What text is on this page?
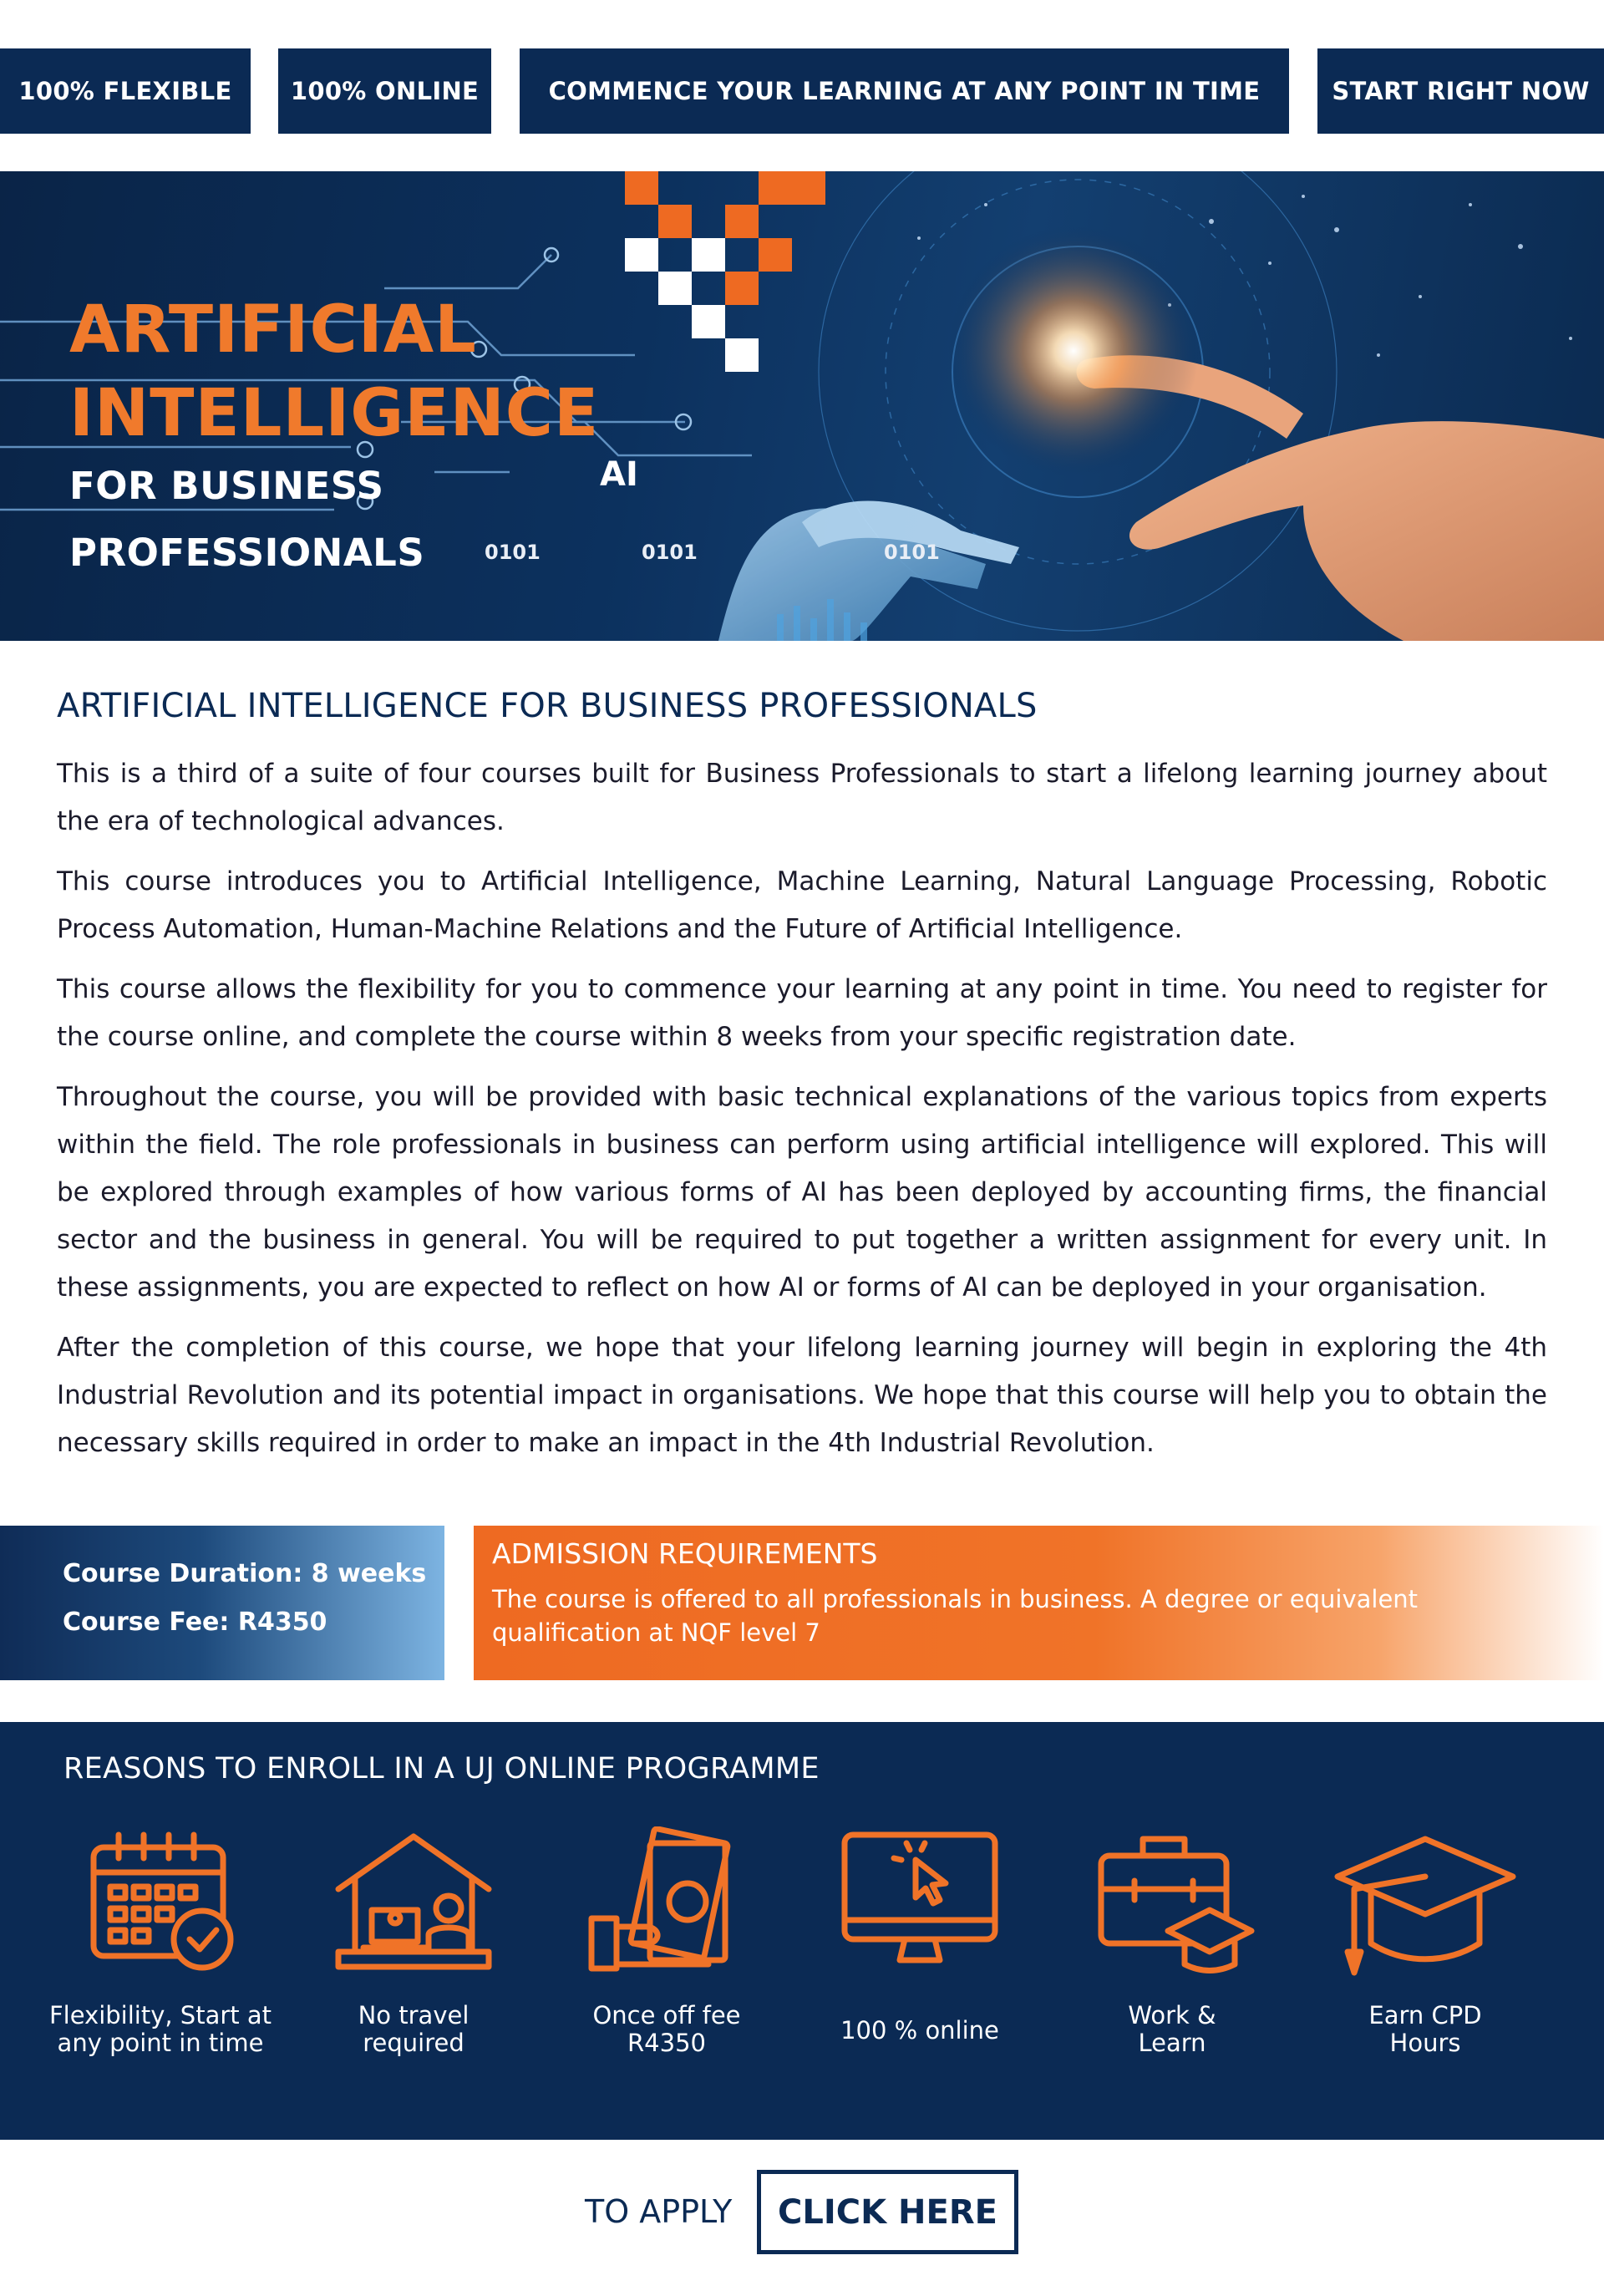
100% FLEXIBLE	100% ONLINE	COMMENCE YOUR LEARNING AT ANY POINT IN TIME	START RIGHT NOW
ARTIFICIAL
INTELLIGENCE
FOR BUSINESS
PROFESSIONALS
AI
0101	0101	0101
ARTIFICIAL INTELLIGENCE FOR BUSINESS PROFESSIONALS

This is a third of a suite of four courses built for Business Professionals to start a lifelong learning journey about the era of technological advances.

This course introduces you to Artificial Intelligence, Machine Learning, Natural Language Processing, Robotic Process Automation, Human-Machine Relations and the Future of Artificial Intelligence.

This course allows the flexibility for you to commence your learning at any point in time. You need to register for the course online, and complete the course within 8 weeks from your specific registration date.

Throughout the course, you will be provided with basic technical explanations of the various topics from experts within the field. The role professionals in business can perform using artificial intelligence will explored. This will be explored through examples of how various forms of AI has been deployed by accounting firms, the financial sector and the business in general. You will be required to put together a written assignment for every unit. In these assignments, you are expected to reflect on how AI or forms of AI can be deployed in your organisation.

After the completion of this course, we hope that your lifelong learning journey will begin in exploring the 4th Industrial Revolution and its potential impact in organisations. We hope that this course will help you to obtain the necessary skills required in order to make an impact in the 4th Industrial Revolution.

Course Duration: 8 weeks
Course Fee: R4350
ADMISSION REQUIREMENTS
The course is offered to all professionals in business. A degree or equivalent qualification at NQF level 7
REASONS TO ENROLL IN A UJ ONLINE PROGRAMME
Flexibility, Start at
any point in time
No travel
required
Once off fee
R4350	100 % online
Work &
Learn
Earn CPD
Hours
TO APPLY	CLICK HERE
